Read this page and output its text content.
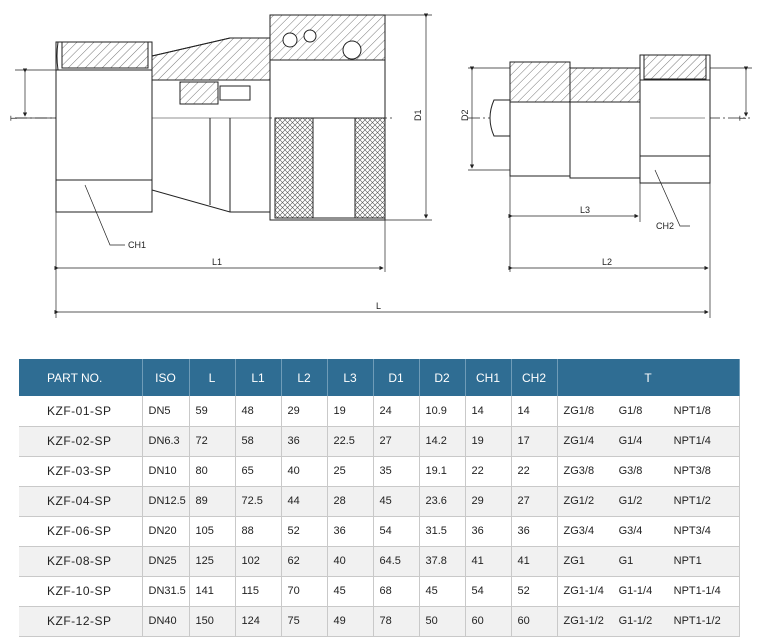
T	D1	D2	T
CH1
CH2
L1	L2
L3
L
PART NO.	ISO	L	L1	L2	L3	D1	D2	CH1	CH2	T
KZF-01-SP	DN5	59	48	29	19	24	10.9	14	14	ZG1/8 G1/8 NPT1/8

KZF-02-SP	DN6.3	72	58	36	22.5	27	14.2	19	17	ZG1/4 G1/4 NPT1/4

KZF-03-SP	DN10	80	65	40	25	35	19.1	22	22	ZG3/8 G3/8 NPT3/8

KZF-04-SP	DN12.5	89	72.5	44	28	45	23.6	29	27	ZG1/2 G1/2 NPT1/2

KZF-06-SP	DN20	105	88	52	36	54	31.5	36	36	ZG3/4 G3/4 NPT3/4

KZF-08-SP	DN25	125	102	62	40	64.5	37.8	41	41	ZG1 G1 NPT1

KZF-10-SP	DN31.5	141	115	70	45	68	45	54	52	ZG1-1/4 G1-1/4 NPT1-1/4

KZF-12-SP	DN40	150	124	75	49	78	50	60	60	ZG1-1/2 G1-1/2 NPT1-1/2
